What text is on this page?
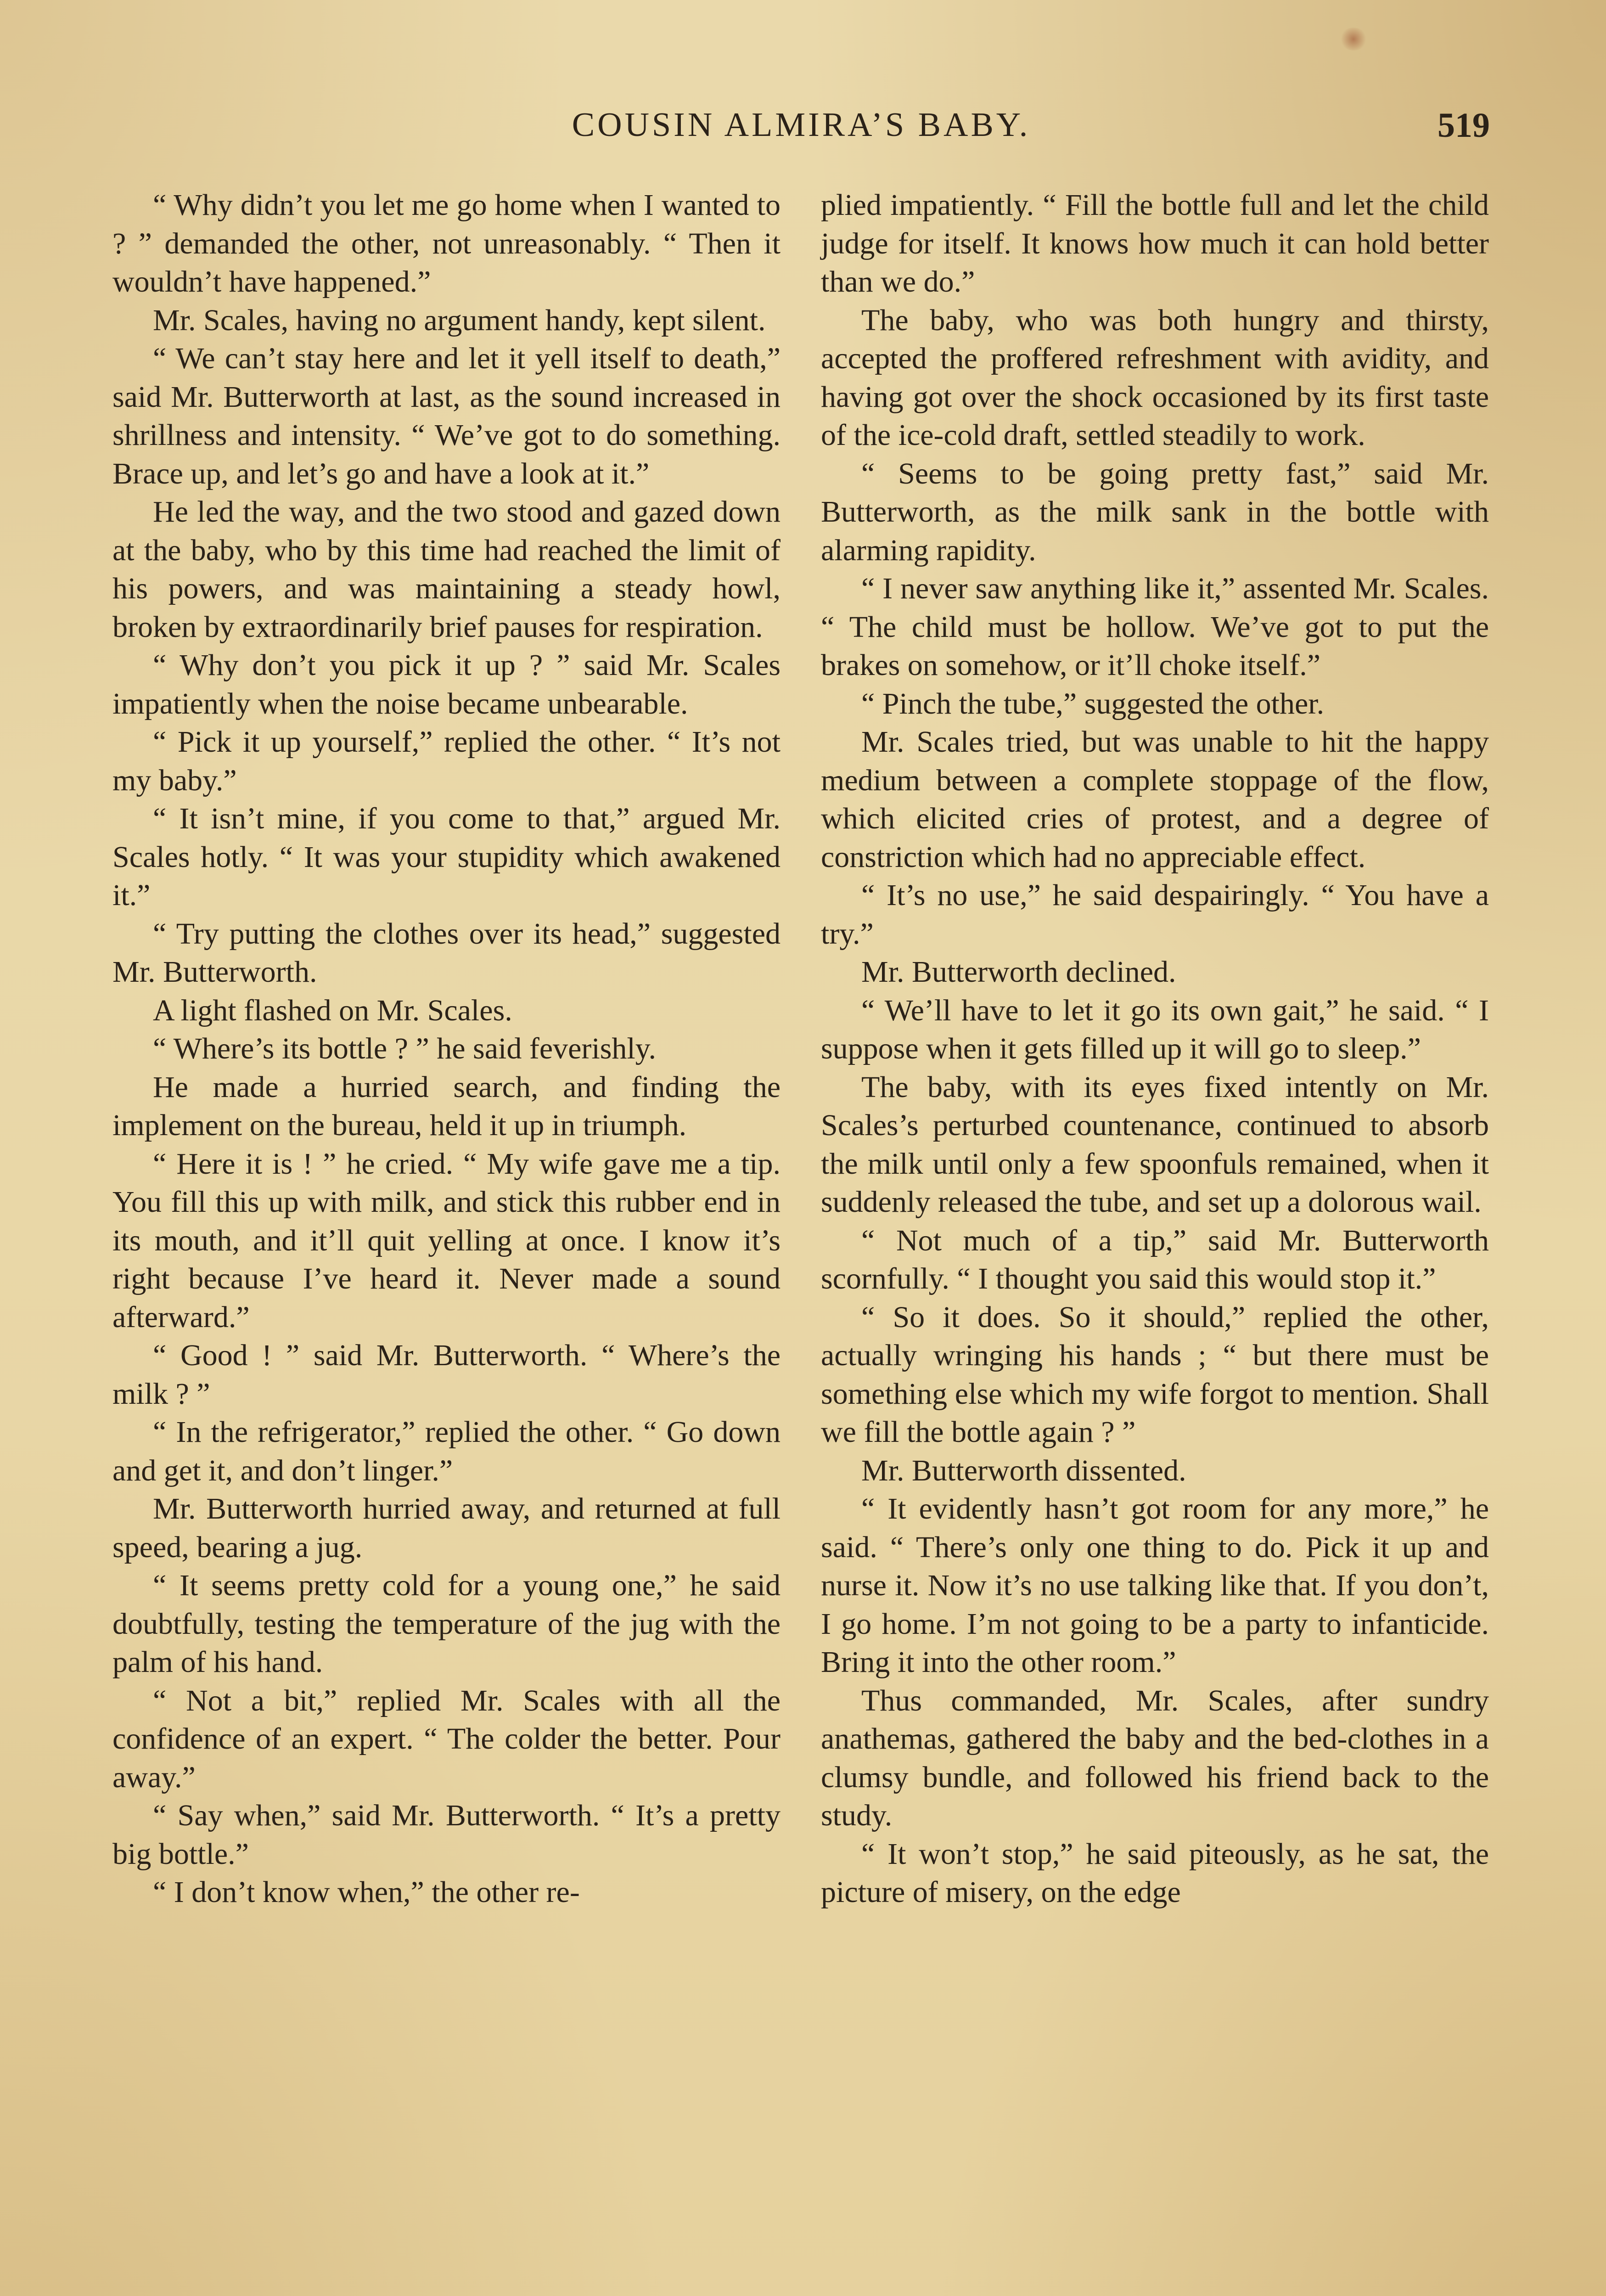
COUSIN ALMIRA’S BABY.	519

“ Why didn’t you let me go home when I wanted to ? ” demanded the other, not unreasonably. “ Then it wouldn’t have happened.”

Mr. Scales, having no argument handy, kept silent.

“ We can’t stay here and let it yell itself to death,” said Mr. Butterworth at last, as the sound increased in shrillness and intensity. “ We’ve got to do something. Brace up, and let’s go and have a look at it.”

He led the way, and the two stood and gazed down at the baby, who by this time had reached the limit of his powers, and was maintaining a steady howl, broken by extraordinarily brief pauses for respiration.

“ Why don’t you pick it up ? ” said Mr. Scales impatiently when the noise became unbearable.

“ Pick it up yourself,” replied the other. “ It’s not my baby.”

“ It isn’t mine, if you come to that,” argued Mr. Scales hotly. “ It was your stupidity which awakened it.”

“ Try putting the clothes over its head,” suggested Mr. Butterworth.

A light flashed on Mr. Scales.

“ Where’s its bottle ? ” he said feverishly.

He made a hurried search, and finding the implement on the bureau, held it up in triumph.

“ Here it is ! ” he cried. “ My wife gave me a tip. You fill this up with milk, and stick this rubber end in its mouth, and it’ll quit yelling at once. I know it’s right because I’ve heard it. Never made a sound afterward.”

“ Good ! ” said Mr. Butterworth. “ Where’s the milk ? ”

“ In the refrigerator,” replied the other. “ Go down and get it, and don’t linger.”

Mr. Butterworth hurried away, and returned at full speed, bearing a jug.

“ It seems pretty cold for a young one,” he said doubtfully, testing the temperature of the jug with the palm of his hand.

“ Not a bit,” replied Mr. Scales with all the confidence of an expert. “ The colder the better. Pour away.”

“ Say when,” said Mr. Butterworth. “ It’s a pretty big bottle.”

“ I don’t know when,” the other re-

plied impatiently. “ Fill the bottle full and let the child judge for itself. It knows how much it can hold better than we do.”

The baby, who was both hungry and thirsty, accepted the proffered refreshment with avidity, and having got over the shock occasioned by its first taste of the ice-cold draft, settled steadily to work.

“ Seems to be going pretty fast,” said Mr. Butterworth, as the milk sank in the bottle with alarming rapidity.

“ I never saw anything like it,” assented Mr. Scales. “ The child must be hollow. We’ve got to put the brakes on somehow, or it’ll choke itself.”

“ Pinch the tube,” suggested the other.

Mr. Scales tried, but was unable to hit the happy medium between a complete stoppage of the flow, which elicited cries of protest, and a degree of constriction which had no appreciable effect.

“ It’s no use,” he said despairingly. “ You have a try.”

Mr. Butterworth declined.

“ We’ll have to let it go its own gait,” he said. “ I suppose when it gets filled up it will go to sleep.”

The baby, with its eyes fixed intently on Mr. Scales’s perturbed countenance, continued to absorb the milk until only a few spoonfuls remained, when it suddenly released the tube, and set up a dolorous wail.

“ Not much of a tip,” said Mr. Butterworth scornfully. “ I thought you said this would stop it.”

“ So it does. So it should,” replied the other, actually wringing his hands ; “ but there must be something else which my wife forgot to mention. Shall we fill the bottle again ? ”

Mr. Butterworth dissented.

“ It evidently hasn’t got room for any more,” he said. “ There’s only one thing to do. Pick it up and nurse it. Now it’s no use talking like that. If you don’t, I go home. I’m not going to be a party to infanticide. Bring it into the other room.”

Thus commanded, Mr. Scales, after sundry anathemas, gathered the baby and the bed-clothes in a clumsy bundle, and followed his friend back to the study.

“ It won’t stop,” he said piteously, as he sat, the picture of misery, on the edge
